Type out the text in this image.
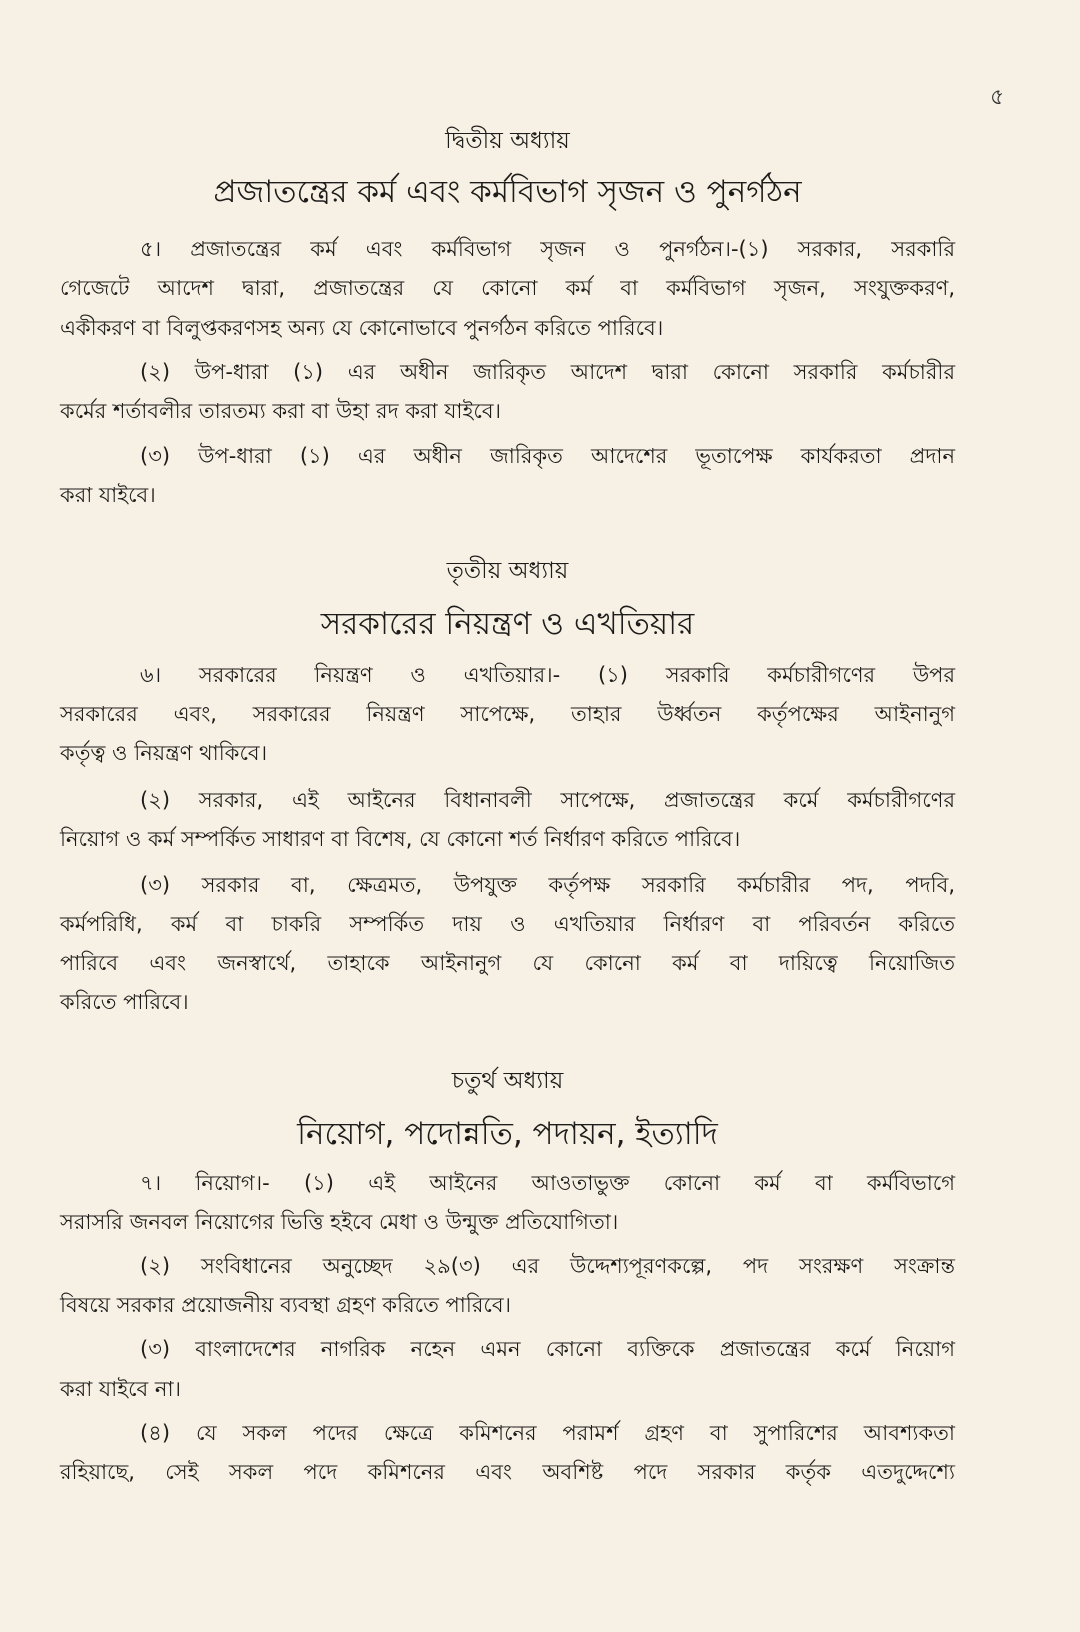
৫
দ্বিতীয় অধ্যায়
প্রজাতন্ত্রের কর্ম এবং কর্মবিভাগ সৃজন ও পুনর্গঠন
৫। প্রজাতন্ত্রের কর্ম এবং কর্মবিভাগ সৃজন ও পুনর্গঠন।-(১) সরকার, সরকারি
গেজেটে আদেশ দ্বারা, প্রজাতন্ত্রের যে কোনো কর্ম বা কর্মবিভাগ সৃজন, সংযুক্তকরণ,
একীকরণ বা বিলুপ্তকরণসহ অন্য যে কোনোভাবে পুনর্গঠন করিতে পারিবে।
(২) উপ-ধারা (১) এর অধীন জারিকৃত আদেশ দ্বারা কোনো সরকারি কর্মচারীর
কর্মের শর্তাবলীর তারতম্য করা বা উহা রদ করা যাইবে।
(৩) উপ-ধারা (১) এর অধীন জারিকৃত আদেশের ভূতাপেক্ষ কার্যকরতা প্রদান
করা যাইবে।
তৃতীয় অধ্যায়
সরকারের নিয়ন্ত্রণ ও এখতিয়ার
৬। সরকারের নিয়ন্ত্রণ ও এখতিয়ার।- (১) সরকারি কর্মচারীগণের উপর
সরকারের এবং, সরকারের নিয়ন্ত্রণ সাপেক্ষে, তাহার উর্ধ্বতন কর্তৃপক্ষের আইনানুগ
কর্তৃত্ব ও নিয়ন্ত্রণ থাকিবে।
(২) সরকার, এই আইনের বিধানাবলী সাপেক্ষে, প্রজাতন্ত্রের কর্মে কর্মচারীগণের
নিয়োগ ও কর্ম সম্পর্কিত সাধারণ বা বিশেষ, যে কোনো শর্ত নির্ধারণ করিতে পারিবে।
(৩) সরকার বা, ক্ষেত্রমত, উপযুক্ত কর্তৃপক্ষ সরকারি কর্মচারীর পদ, পদবি,
কর্মপরিধি, কর্ম বা চাকরি সম্পর্কিত দায় ও এখতিয়ার নির্ধারণ বা পরিবর্তন করিতে
পারিবে এবং জনস্বার্থে, তাহাকে আইনানুগ যে কোনো কর্ম বা দায়িত্বে নিয়োজিত
করিতে পারিবে।
চতুর্থ অধ্যায়
নিয়োগ, পদোন্নতি, পদায়ন, ইত্যাদি
৭। নিয়োগ।- (১) এই আইনের আওতাভুক্ত কোনো কর্ম বা কর্মবিভাগে
সরাসরি জনবল নিয়োগের ভিত্তি হইবে মেধা ও উন্মুক্ত প্রতিযোগিতা।
(২) সংবিধানের অনুচ্ছেদ ২৯(৩) এর উদ্দেশ্যপূরণকল্পে, পদ সংরক্ষণ সংক্রান্ত
বিষয়ে সরকার প্রয়োজনীয় ব্যবস্থা গ্রহণ করিতে পারিবে।
(৩) বাংলাদেশের নাগরিক নহেন এমন কোনো ব্যক্তিকে প্রজাতন্ত্রের কর্মে নিয়োগ
করা যাইবে না।
(৪) যে সকল পদের ক্ষেত্রে কমিশনের পরামর্শ গ্রহণ বা সুপারিশের আবশ্যকতা
রহিয়াছে, সেই সকল পদে কমিশনের এবং অবশিষ্ট পদে সরকার কর্তৃক এতদুদ্দেশ্যে
